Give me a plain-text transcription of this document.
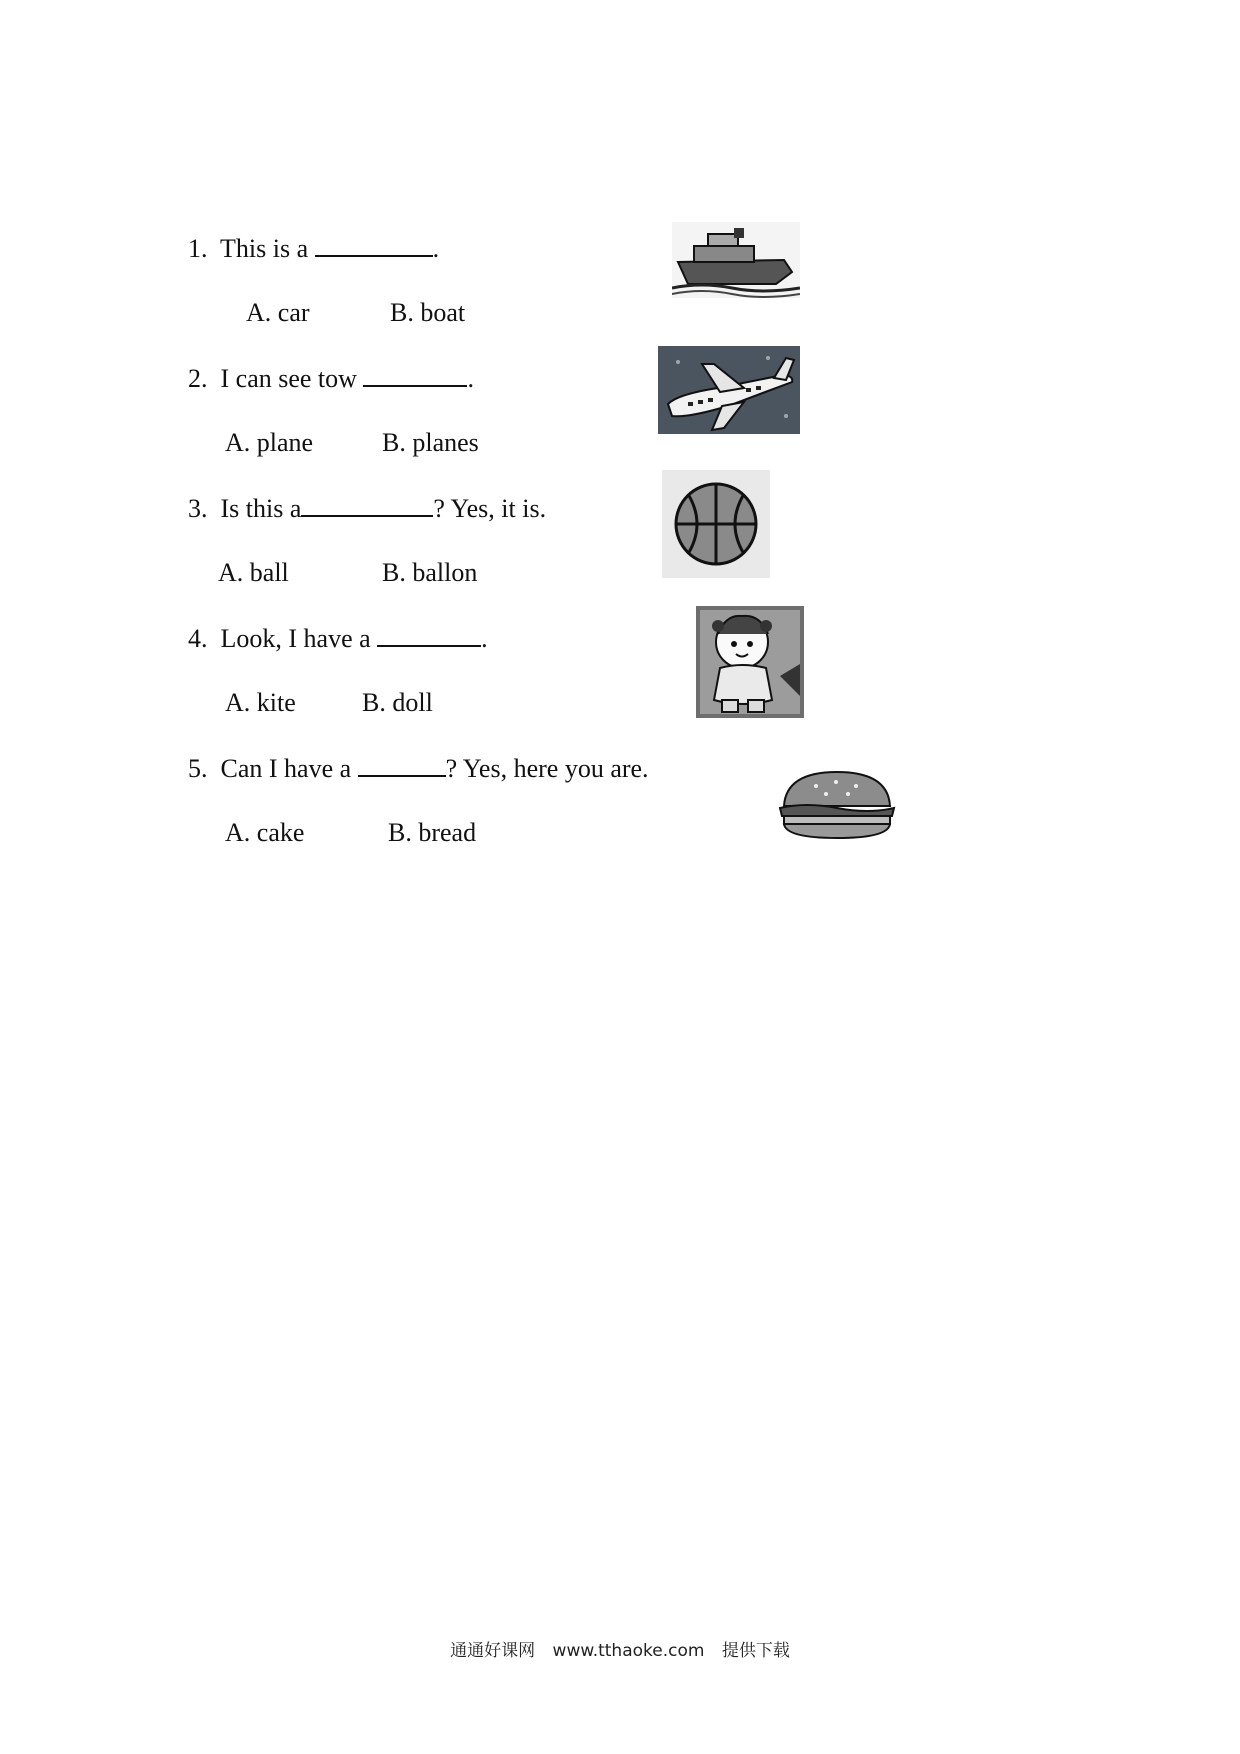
1. This is a	.
A. car	B. boat
2. I can see tow	.
A. plane	B. planes
3. Is this a	? Yes, it is.
A. ball	B. ballon
4. Look, I have a	.
A. kite	B. doll
5. Can I have a	? Yes, here you are.
A. cake	B. bread
通通好课网 www.tthaoke.com 提供下载
